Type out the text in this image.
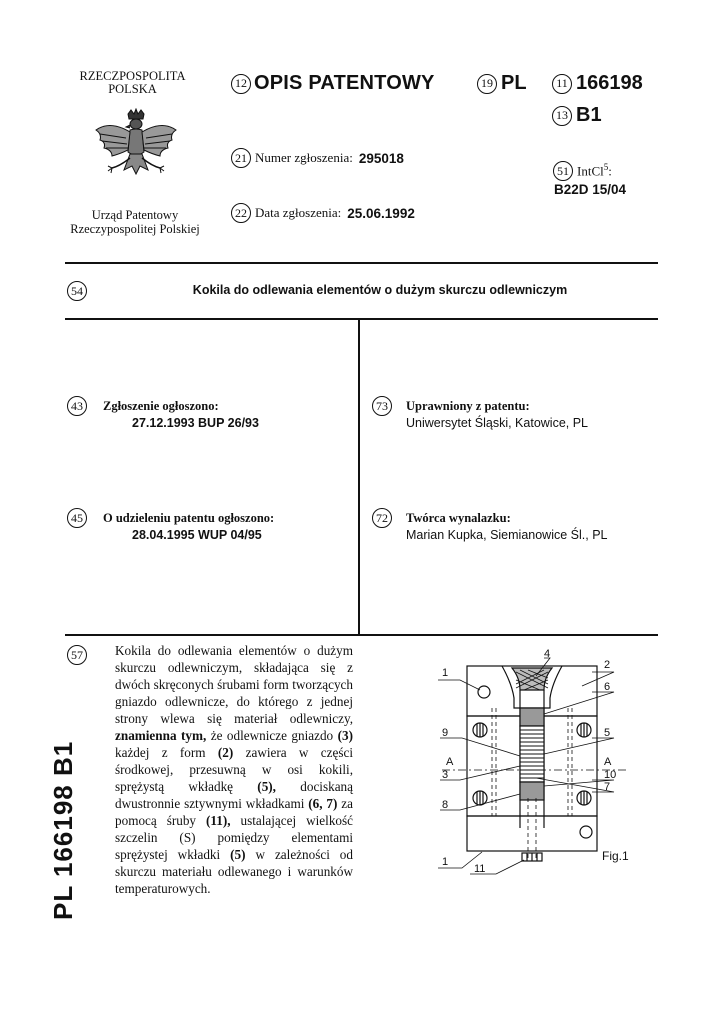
RZECZPOSPOLITA
POLSKA
Urząd Patentowy
Rzeczypospolitej Polskiej
12 OPIS PATENTOWY	19 PL	11 166198
13 B1
21 Numer zgłoszenia: 295018
51 IntCl$^5$:
B22D 15/04
22 Data zgłoszenia: 25.06.1992
54	Kokila do odlewania elementów o dużym skurczu odlewniczym
43	Zgłoszenie ogłoszono:
27.12.1993 BUP 26/93
45	O udzieleniu patentu ogłoszono:
28.04.1995 WUP 04/95
73	Uprawniony z patentu:
Uniwersytet Śląski, Katowice, PL
72	Twórca wynalazku:
Marian Kupka, Siemianowice Śl., PL
57	Kokila do odlewania elementów o dużym skurczu odlewniczym, składająca się z dwóch skręconych śrubami form tworzących gniazdo odlewnicze, do którego z jednej strony wlewa się materiał odlewniczy, znamienna tym, że odlewnicze gniazdo (3) każdej z form (2) zawiera w części środkowej, przesuwną w osi kokili, sprężystą wkładkę (5), dociskaną dwustronnie sztywnymi wkładkami (6, 7) za pomocą śruby (11), ustalającej wielkość szczelin (S) pomiędzy elementami sprężystej wkładki (5) w zależności od skurczu materiału odlewanego i warunków temperaturowych.
PL 166198 B1
1
4
2
6
9	5
A	A
3	10
7
8
1
11
Fig.1
